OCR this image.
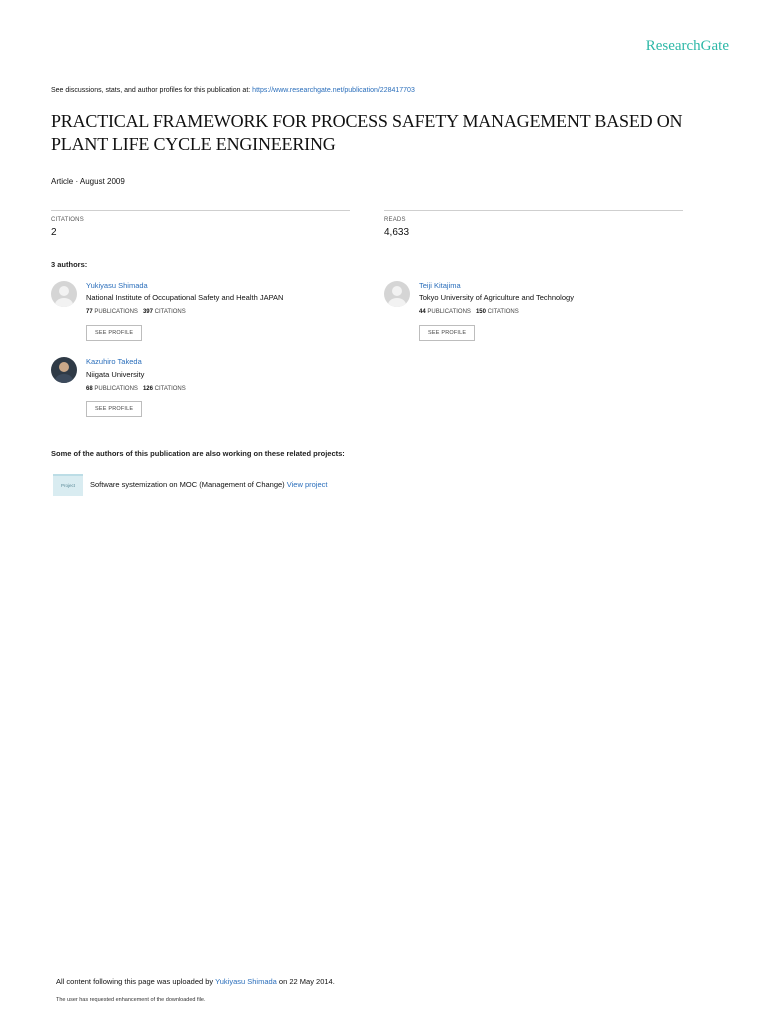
ResearchGate
See discussions, stats, and author profiles for this publication at: https://www.researchgate.net/publication/228417703
PRACTICAL FRAMEWORK FOR PROCESS SAFETY MANAGEMENT BASED ON
PLANT LIFE CYCLE ENGINEERING
Article · August 2009
CITATIONS
2
READS
4,633
3 authors:
Yukiyasu Shimada
National Institute of Occupational Safety and Health JAPAN
77 PUBLICATIONS 397 CITATIONS
SEE PROFILE
Teiji Kitajima
Tokyo University of Agriculture and Technology
44 PUBLICATIONS 150 CITATIONS
SEE PROFILE
Kazuhiro Takeda
Niigata University
68 PUBLICATIONS 126 CITATIONS
SEE PROFILE
Some of the authors of this publication are also working on these related projects:
Project	Software systemization on MOC (Management of Change) View project
All content following this page was uploaded by Yukiyasu Shimada on 22 May 2014.
The user has requested enhancement of the downloaded file.
